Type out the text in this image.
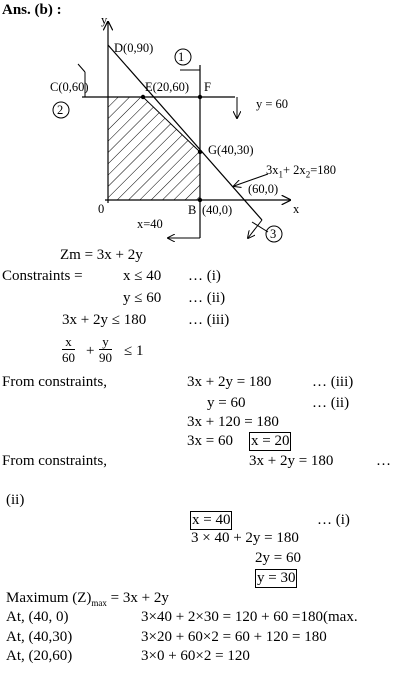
Ans. (b) :
1
2
3
y
x
0
D(0,90)
C(0,60)	E(20,60) F
G(40,30)
B (40,0)
(60,0)
y = 60
x=40
$3x_1+ 2x_2=180$
Zm = 3x + 2y
Constraints =	x ≤ 40 … (i)
y ≤ 60 … (ii)
3x + 2y ≤ 180	… (iii)
x
60 +
y
90 ≤ 1
From constraints,	3x + 2y = 180	… (iii)
y = 60	… (ii)
3x + 120 = 180
3x = 60 x = 20
From constraints,	3x + 2y = 180	…
(ii)
x = 40	… (i)
3 × 40 + 2y = 180
2y = 60
y = 30
Maximum $(Z)_{max} = 3x + 2y$
At, (40, 0)	3×40 + 2×30 = 120 + 60 =180(max.
At, (40,30)	3×20 + 60×2 = 60 + 120 = 180
At, (20,60)	3×0 + 60×2 = 120
